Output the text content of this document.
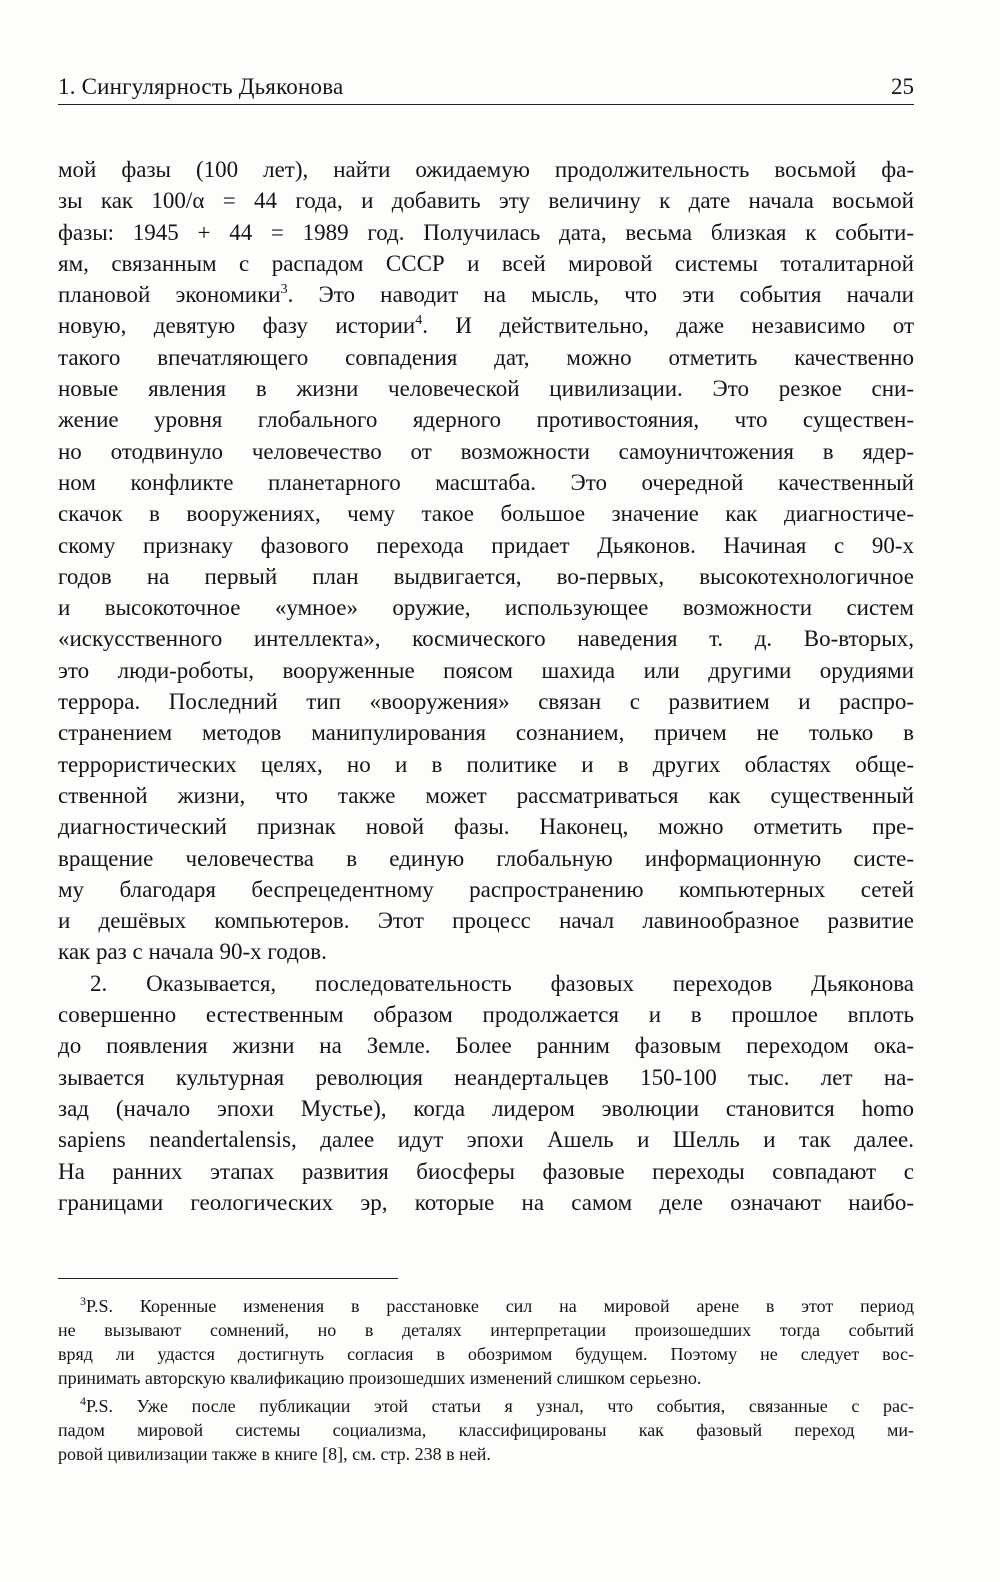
1. Сингулярность Дьяконова	25
мой фазы (100 лет), найти ожидаемую продолжительность восьмой фа-
зы как 100/α = 44 года, и добавить эту величину к дате начала восьмой
фазы: 1945 + 44 = 1989 год. Получилась дата, весьма близкая к событи-
ям, связанным с распадом СССР и всей мировой системы тоталитарной
плановой экономики$^3$. Это наводит на мысль, что эти события начали
новую, девятую фазу истории$^4$. И действительно, даже независимо от
такого впечатляющего совпадения дат, можно отметить качественно
новые явления в жизни человеческой цивилизации. Это резкое сни-
жение уровня глобального ядерного противостояния, что существен-
но отодвинуло человечество от возможности самоуничтожения в ядер-
ном конфликте планетарного масштаба. Это очередной качественный
скачок в вооружениях, чему такое большое значение как диагностиче-
скому признаку фазового перехода придает Дьяконов. Начиная с 90-х
годов на первый план выдвигается, во-первых, высокотехнологичное
и высокоточное «умное» оружие, использующее возможности систем
«искусственного интеллекта», космического наведения т. д. Во-вторых,
это люди-роботы, вооруженные поясом шахида или другими орудиями
террора. Последний тип «вооружения» связан с развитием и распро-
странением методов манипулирования сознанием, причем не только в
террористических целях, но и в политике и в других областях обще-
ственной жизни, что также может рассматриваться как существенный
диагностический признак новой фазы. Наконец, можно отметить пре-
вращение человечества в единую глобальную информационную систе-
му благодаря беспрецедентному распространению компьютерных сетей
и дешёвых компьютеров. Этот процесс начал лавинообразное развитие
как раз с начала 90-х годов.
2. Оказывается, последовательность фазовых переходов Дьяконова
совершенно естественным образом продолжается и в прошлое вплоть
до появления жизни на Земле. Более ранним фазовым переходом ока-
зывается культурная революция неандертальцев 150-100 тыс. лет на-
зад (начало эпохи Мустье), когда лидером эволюции становится homo
sapiens neandertalensis, далее идут эпохи Ашель и Шелль и так далее.
На ранних этапах развития биосферы фазовые переходы совпадают с
границами геологических эр, которые на самом деле означают наибо-
$^3$P.S. Коренные изменения в расстановке сил на мировой арене в этот период
не вызывают сомнений, но в деталях интерпретации произошедших тогда событий
вряд ли удастся достигнуть согласия в обозримом будущем. Поэтому не следует вос-
принимать авторскую квалификацию произошедших изменений слишком серьезно.
$^4$P.S. Уже после публикации этой статьи я узнал, что события, связанные с рас-
падом мировой системы социализма, классифицированы как фазовый переход ми-
ровой цивилизации также в книге [8], см. стр. 238 в ней.
